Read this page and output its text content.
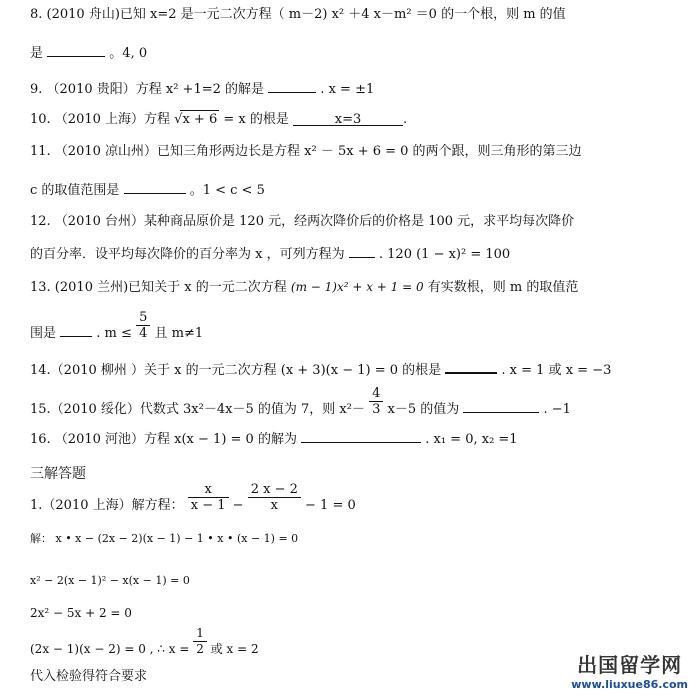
8. (2010 舟山)已知 x=2 是一元二次方程（ m－2) x² ＋4 x－m² ＝0 的一个根，则 m 的值
是	。4, 0
9. （2010 贵阳）方程 x² +1=2 的解是	. x = ±1
10. （2010 上海）方程 √x + 6 = x 的根是	x=3	.
11. （2010 凉山州）已知三角形两边长是方程 x² － 5x + 6 = 0 的两个跟，则三角形的第三边
c 的取值范围是	。1 < c < 5
12. （2010 台州）某种商品原价是 120 元，经两次降价后的价格是 100 元，求平均每次降价
的百分率．设平均每次降价的百分率为 x ，可列方程为	. 120 (1 − x)² = 100
13. (2010 兰州)已知关于 x 的一元二次方程 (m − 1)x² + x + 1 = 0 有实数根，则 m 的取值范
围是	. $m \le \frac{5}{4}$ 且 m≠1
14.（2010 柳州 ）关于 x 的一元二次方程 (x + 3)(x − 1) = 0 的根是	. x = 1 或 x = −3
15.（2010 绥化）代数式 3x²－4x－5 的值为 7，则 $x^2- \frac{4}{3} x-5$ 的值为	. −1
16. （2010 河池）方程 x(x − 1) = 0 的解为	. x₁ = 0, x₂ =1
三解答题
1.（2010 上海）解方程： $\frac{x}{x - 1} - \frac{2 x - 2}{x} - 1 = 0$
解： x • x − (2x − 2)(x − 1) − 1 • x • (x − 1) = 0
x² − 2(x − 1)² − x(x − 1) = 0
2x² − 5x + 2 = 0
(2x − 1)(x − 2) = 0 , ∴ $x = \frac{1}{2}$ 或 x = 2
代入检验得符合要求	出国留学网
www.liuxue86.com
